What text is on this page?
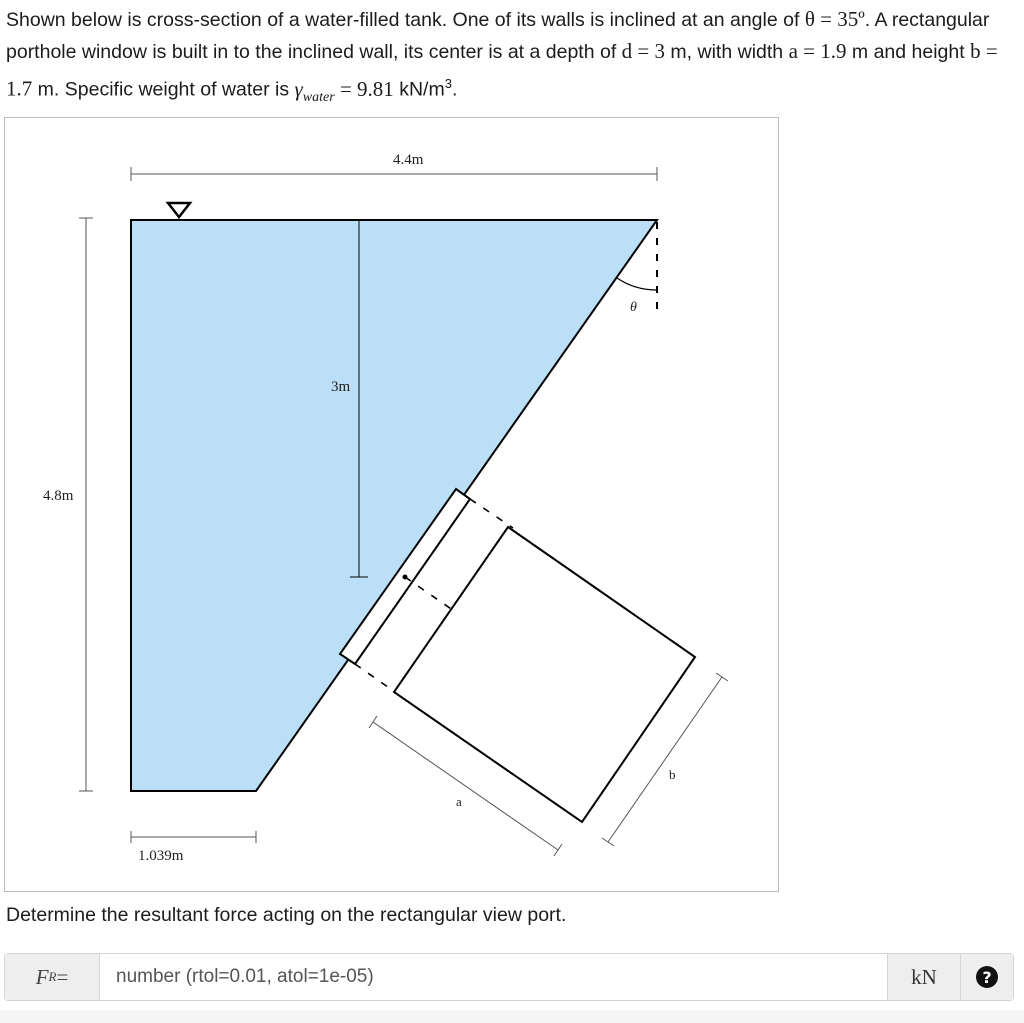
Shown below is cross-section of a water-filled tank. One of its walls is inclined at an angle of θ = 35º. A rectangular porthole window is built in to the inclined wall, its center is at a depth of d = 3 m, with width a = 1.9 m and height b = 1.7 m. Specific weight of water is $\gamma_{water} = 9.81$ $kN/m^3$.
4.4m
4.8m
3m
θ
a
b
1.039m
Determine the resultant force acting on the rectangular view port.
F R =
number (rtol=0.01, atol=1e-05)	kN	?
